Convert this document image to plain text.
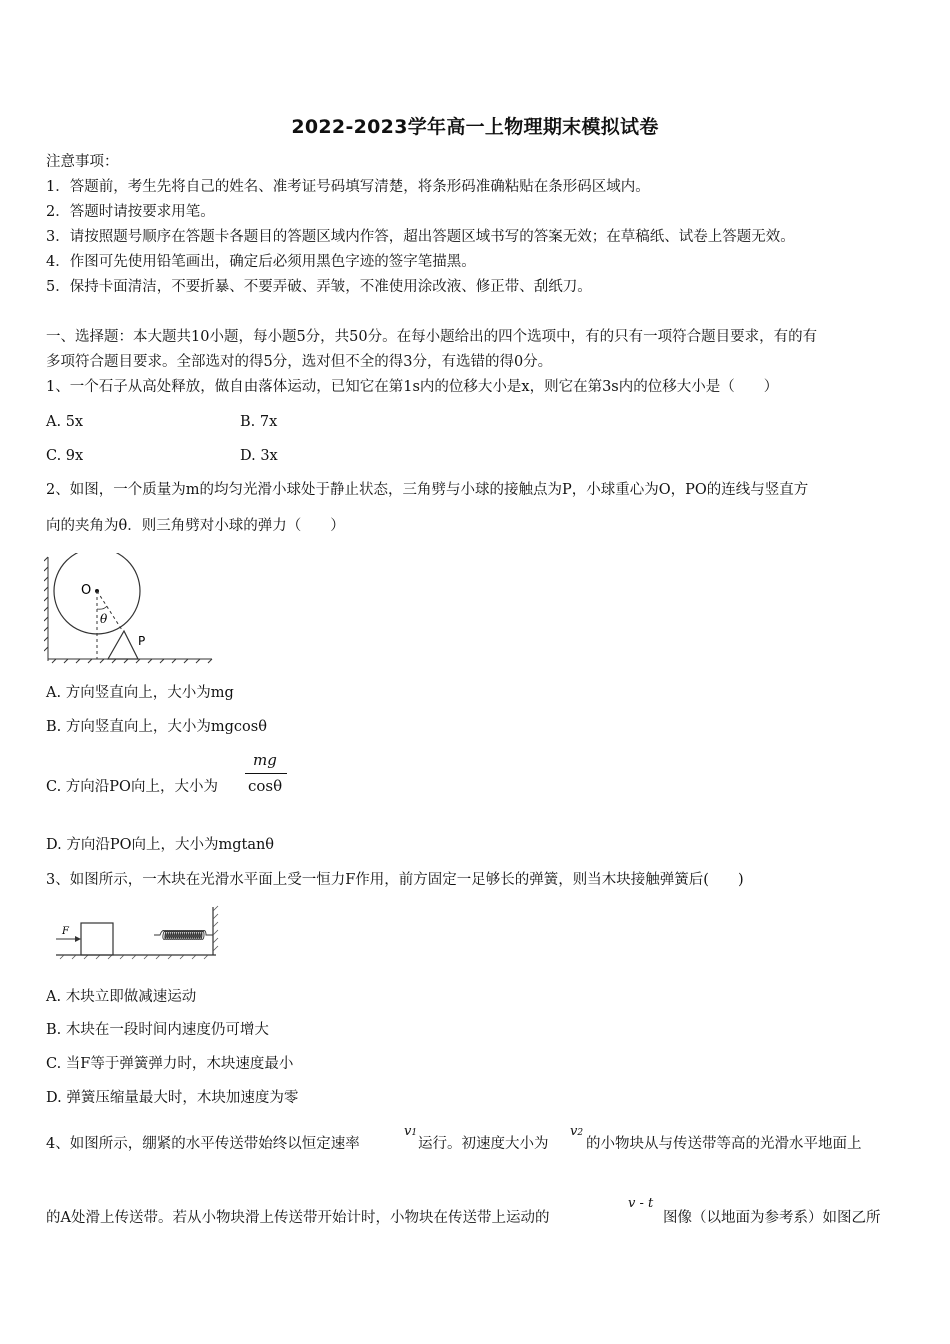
2022-2023学年高一上物理期末模拟试卷
注意事项：
1．答题前，考生先将自己的姓名、准考证号码填写清楚，将条形码准确粘贴在条形码区域内。
2．答题时请按要求用笔。
3．请按照题号顺序在答题卡各题目的答题区域内作答，超出答题区域书写的答案无效；在草稿纸、试卷上答题无效。
4．作图可先使用铅笔画出，确定后必须用黑色字迹的签字笔描黑。
5．保持卡面清洁，不要折暴、不要弄破、弄皱，不准使用涂改液、修正带、刮纸刀。
一、选择题：本大题共10小题，每小题5分，共50分。在每小题给出的四个选项中，有的只有一项符合题目要求，有的有
多项符合题目要求。全部选对的得5分，选对但不全的得3分，有选错的得0分。
1、一个石子从高处释放，做自由落体运动，已知它在第1s内的位移大小是x，则它在第3s内的位移大小是（　　）
A. 5x	B. 7x
C. 9x	D. 3x
2、如图，一个质量为m的均匀光滑小球处于静止状态，三角劈与小球的接触点为P，小球重心为O，PO的连线与竖直方
向的夹角为θ．则三角劈对小球的弹力（　　）
O
θ
P
A. 方向竖直向上，大小为mg
B. 方向竖直向上，大小为mgcosθ
C. 方向沿PO向上，大小为
mg
cosθ
D. 方向沿PO向上，大小为mgtanθ
3、如图所示，一木块在光滑水平面上受一恒力F作用，前方固定一足够长的弹簧，则当木块接触弹簧后(　　)
F
A. 木块立即做减速运动
B. 木块在一段时间内速度仍可增大
C. 当F等于弹簧弹力时，木块速度最小
D. 弹簧压缩量最大时，木块加速度为零
4、如图所示，绷紧的水平传送带始终以恒定速率
v1
运行。初速度大小为
v2
的小物块从与传送带等高的光滑水平地面上
的A处滑上传送带。若从小物块滑上传送带开始计时，小物块在传送带上运动的
v - t
图像（以地面为参考系）如图乙所
